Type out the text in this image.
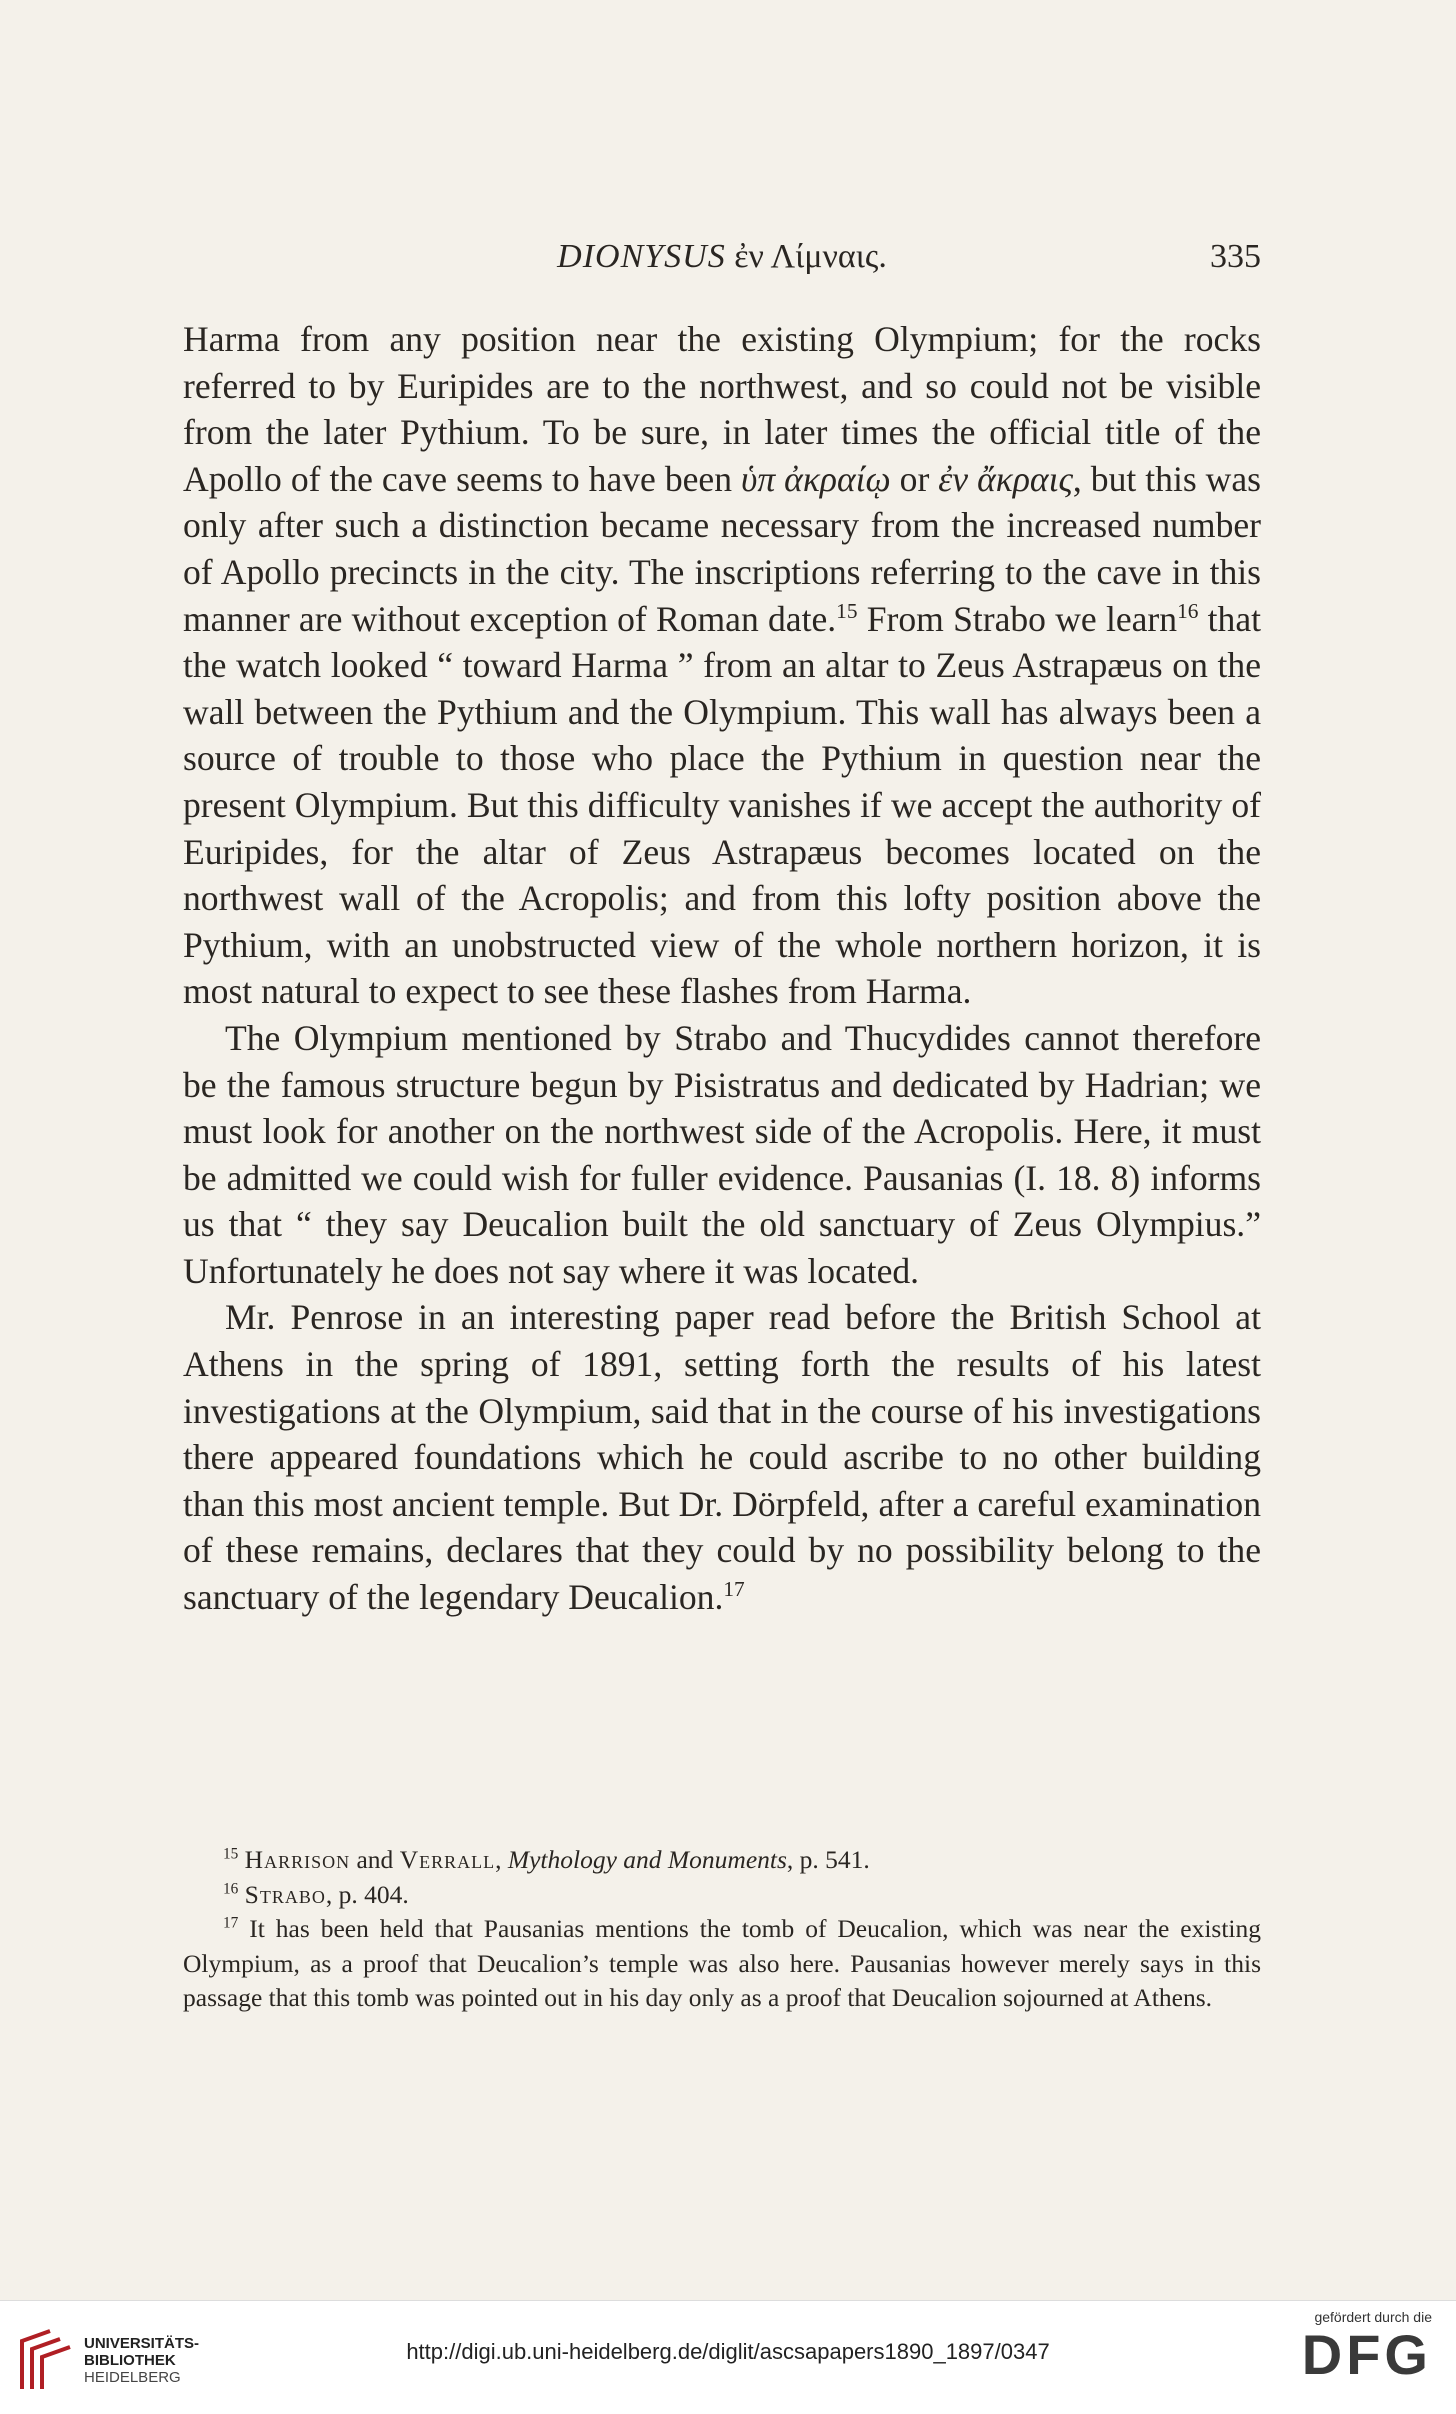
DIONYSUS ἐν Λίμναις.	335

Harma from any position near the existing Olympium; for the rocks referred to by Euripides are to the northwest, and so could not be visible from the later Pythium. To be sure, in later times the official title of the Apollo of the cave seems to have been ὑπ ἀκραίῳ or ἐν ἄκραις, but this was only after such a distinction became necessary from the increased number of Apollo precincts in the city. The inscriptions referring to the cave in this manner are without exception of Roman date.$^{15}$ From Strabo we learn$^{16}$ that the watch looked “ toward Harma ” from an altar to Zeus Astrapæus on the wall between the Pythium and the Olympium. This wall has always been a source of trouble to those who place the Pythium in question near the present Olympium. But this difficulty vanishes if we accept the authority of Euripides, for the altar of Zeus Astrapæus becomes located on the northwest wall of the Acropolis; and from this lofty position above the Pythium, with an unobstructed view of the whole northern horizon, it is most natural to expect to see these flashes from Harma.

The Olympium mentioned by Strabo and Thucydides cannot therefore be the famous structure begun by Pisistratus and dedicated by Hadrian; we must look for another on the northwest side of the Acropolis. Here, it must be admitted we could wish for fuller evidence. Pausanias (I. 18. 8) informs us that “ they say Deucalion built the old sanctuary of Zeus Olympius.” Unfortunately he does not say where it was located.

Mr. Penrose in an interesting paper read before the British School at Athens in the spring of 1891, setting forth the results of his latest investigations at the Olympium, said that in the course of his investigations there appeared foundations which he could ascribe to no other building than this most ancient temple. But Dr. Dörpfeld, after a careful examination of these remains, declares that they could by no possibility belong to the sanctuary of the legendary Deucalion.$^{17}$

$^{15}$ Harrison and Verrall, Mythology and Monuments, p. 541.

$^{16}$ Strabo, p. 404.

$^{17}$ It has been held that Pausanias mentions the tomb of Deucalion, which was near the existing Olympium, as a proof that Deucalion’s temple was also here. Pausanias however merely says in this passage that this tomb was pointed out in his day only as a proof that Deucalion sojourned at Athens.

UNIVERSITÄTS-
BIBLIOTHEK
HEIDELBERG
http://digi.ub.uni-heidelberg.de/diglit/ascsapapers1890_1897/0347
gefördert durch die
DFG
